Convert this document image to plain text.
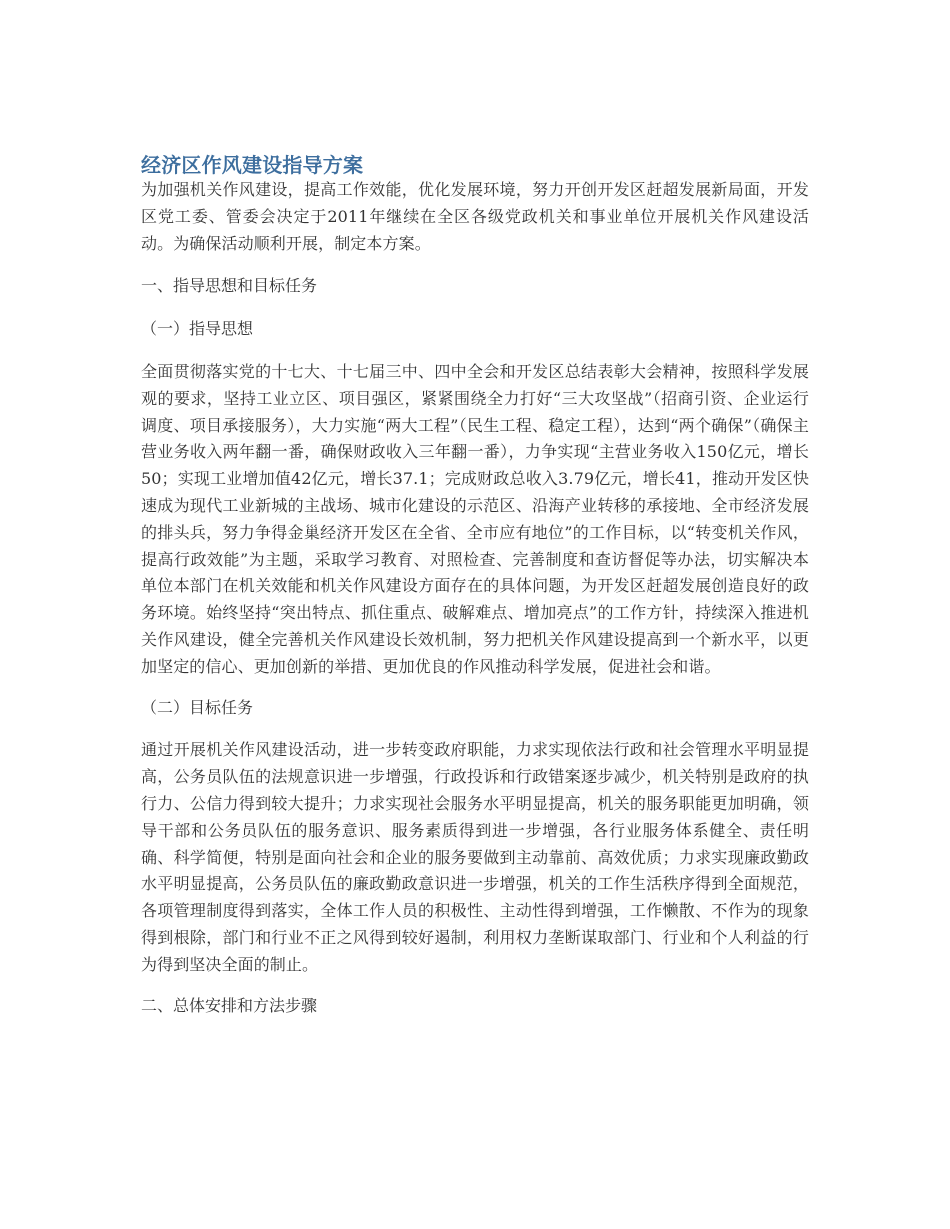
经济区作风建设指导方案

为加强机关作风建设，提高工作效能，优化发展环境，努力开创开发区赶超发展新局面，开发区党工委、管委会决定于2011年继续在全区各级党政机关和事业单位开展机关作风建设活动。为确保活动顺利开展，制定本方案。

一、指导思想和目标任务

（一）指导思想

全面贯彻落实党的十七大、十七届三中、四中全会和开发区总结表彰大会精神，按照科学发展观的要求，坚持工业立区、项目强区，紧紧围绕全力打好“三大攻坚战”（招商引资、企业运行调度、项目承接服务），大力实施“两大工程”（民生工程、稳定工程），达到“两个确保”（确保主营业务收入两年翻一番，确保财政收入三年翻一番），力争实现“主营业务收入150亿元，增长50；实现工业增加值42亿元，增长37.1；完成财政总收入3.79亿元，增长41，推动开发区快速成为现代工业新城的主战场、城市化建设的示范区、沿海产业转移的承接地、全市经济发展的排头兵，努力争得金巢经济开发区在全省、全市应有地位”的工作目标，以“转变机关作风，提高行政效能”为主题，采取学习教育、对照检查、完善制度和查访督促等办法，切实解决本单位本部门在机关效能和机关作风建设方面存在的具体问题，为开发区赶超发展创造良好的政务环境。始终坚持“突出特点、抓住重点、破解难点、增加亮点”的工作方针，持续深入推进机关作风建设，健全完善机关作风建设长效机制，努力把机关作风建设提高到一个新水平，以更加坚定的信心、更加创新的举措、更加优良的作风推动科学发展，促进社会和谐。

（二）目标任务

通过开展机关作风建设活动，进一步转变政府职能，力求实现依法行政和社会管理水平明显提高，公务员队伍的法规意识进一步增强，行政投诉和行政错案逐步减少，机关特别是政府的执行力、公信力得到较大提升；力求实现社会服务水平明显提高，机关的服务职能更加明确，领导干部和公务员队伍的服务意识、服务素质得到进一步增强，各行业服务体系健全、责任明确、科学简便，特别是面向社会和企业的服务要做到主动靠前、高效优质；力求实现廉政勤政水平明显提高，公务员队伍的廉政勤政意识进一步增强，机关的工作生活秩序得到全面规范，各项管理制度得到落实，全体工作人员的积极性、主动性得到增强，工作懒散、不作为的现象得到根除，部门和行业不正之风得到较好遏制，利用权力垄断谋取部门、行业和个人利益的行为得到坚决全面的制止。

二、总体安排和方法步骤
